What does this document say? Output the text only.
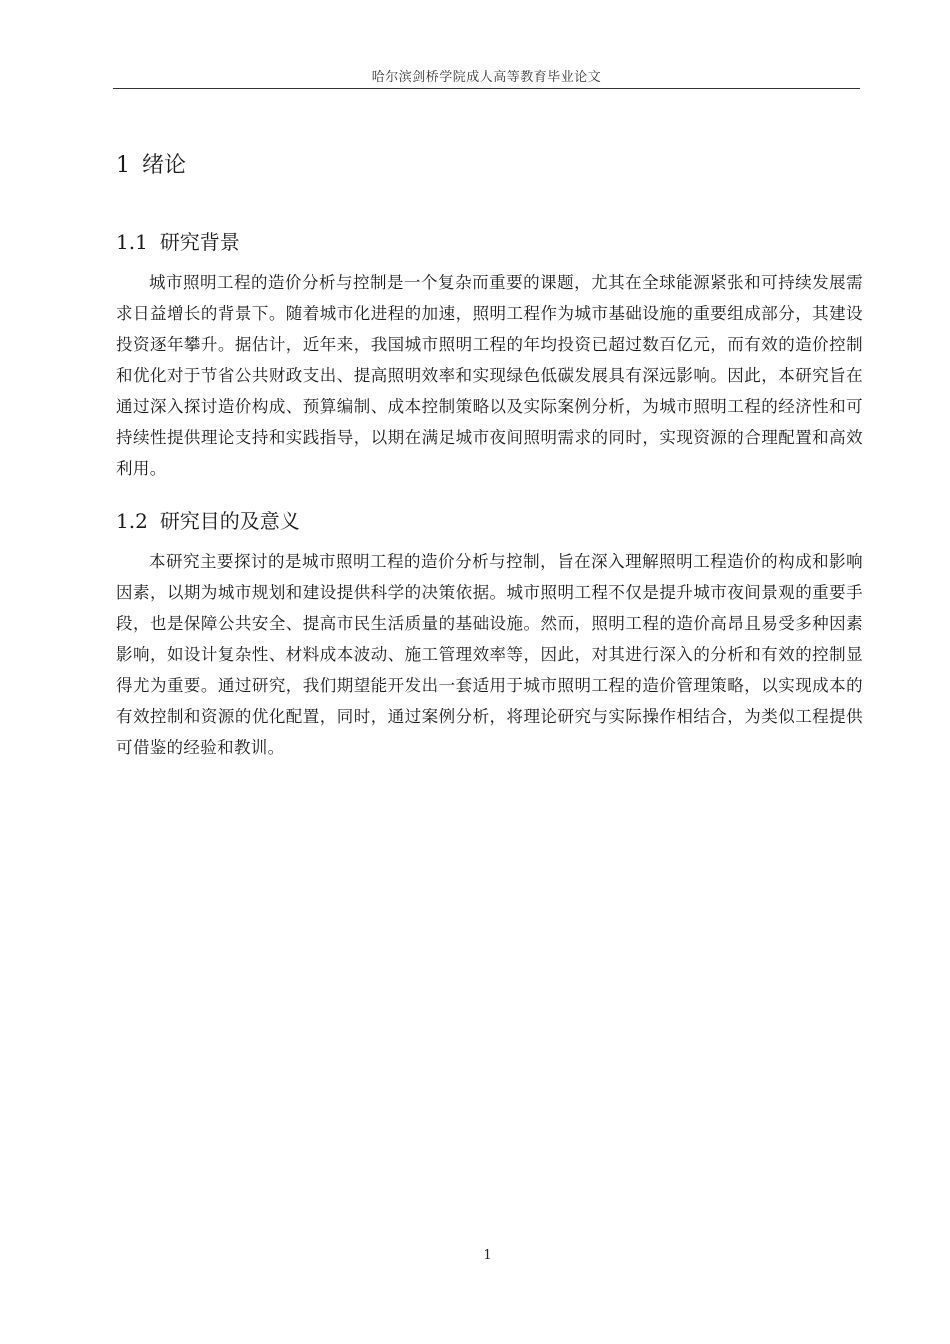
哈尔滨剑桥学院成人高等教育毕业论文
1 绪论
1.1 研究背景

城市照明工程的造价分析与控制是一个复杂而重要的课题，尤其在全球能源紧张和可持续发展需求日益增长的背景下。随着城市化进程的加速，照明工程作为城市基础设施的重要组成部分，其建设投资逐年攀升。据估计，近年来，我国城市照明工程的年均投资已超过数百亿元，而有效的造价控制和优化对于节省公共财政支出、提高照明效率和实现绿色低碳发展具有深远影响。因此，本研究旨在通过深入探讨造价构成、预算编制、成本控制策略以及实际案例分析，为城市照明工程的经济性和可持续性提供理论支持和实践指导，以期在满足城市夜间照明需求的同时，实现资源的合理配置和高效利用。

1.2 研究目的及意义

本研究主要探讨的是城市照明工程的造价分析与控制，旨在深入理解照明工程造价的构成和影响因素，以期为城市规划和建设提供科学的决策依据。城市照明工程不仅是提升城市夜间景观的重要手段，也是保障公共安全、提高市民生活质量的基础设施。然而，照明工程的造价高昂且易受多种因素影响，如设计复杂性、材料成本波动、施工管理效率等，因此，对其进行深入的分析和有效的控制显得尤为重要。通过研究，我们期望能开发出一套适用于城市照明工程的造价管理策略，以实现成本的有效控制和资源的优化配置，同时，通过案例分析，将理论研究与实际操作相结合，为类似工程提供可借鉴的经验和教训。

1
